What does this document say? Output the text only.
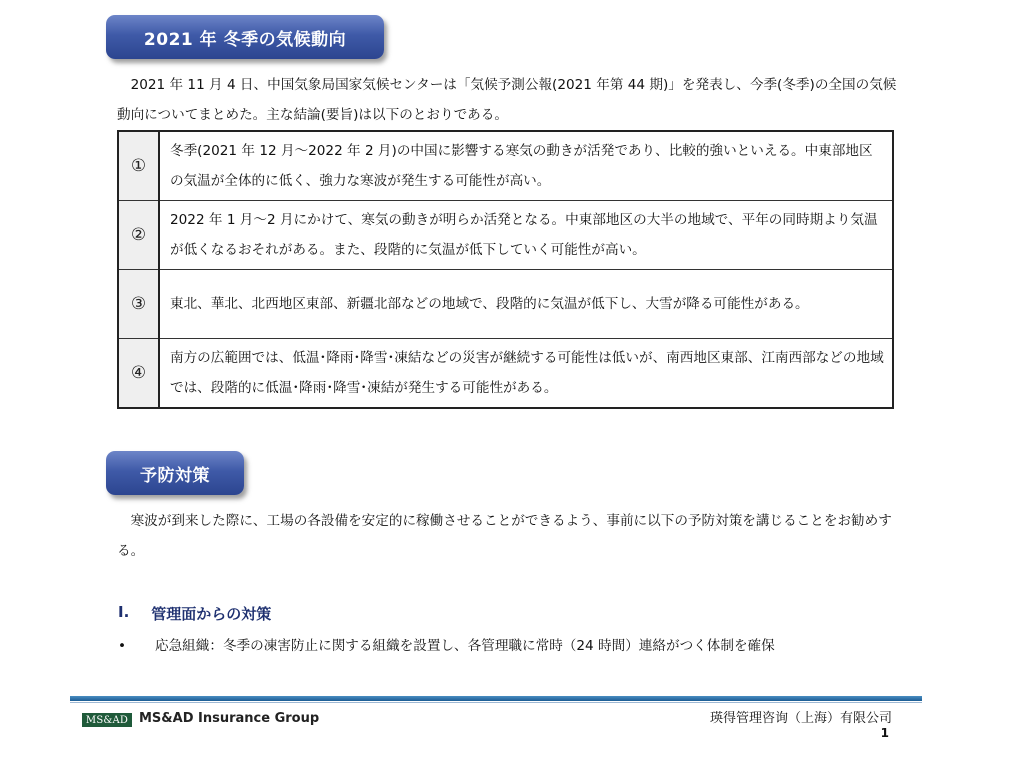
2021 年 冬季の気候動向

　2021 年 11 月 4 日、中国気象局国家気候センターは「気候予測公報(2021 年第 44 期)」を発表し、今季(冬季)の全国の気候動向についてまとめた。主な結論(要旨)は以下のとおりである。

①	冬季(2021 年 12 月～2022 年 2 月)の中国に影響する寒気の動きが活発であり、比較的強いといえる。中東部地区の気温が全体的に低く、強力な寒波が発生する可能性が高い。
②	2022 年 1 月～2 月にかけて、寒気の動きが明らか活発となる。中東部地区の大半の地域で、平年の同時期より気温が低くなるおそれがある。また、段階的に気温が低下していく可能性が高い。
③	東北、華北、北西地区東部、新疆北部などの地域で、段階的に気温が低下し、大雪が降る可能性がある。
④	南方の広範囲では、低温･降雨･降雪･凍結などの災害が継続する可能性は低いが、南西地区東部、江南西部などの地域では、段階的に低温･降雨･降雪･凍結が発生する可能性がある。
予防対策

　寒波が到来した際に、工場の各設備を安定的に稼働させることができるよう、事前に以下の予防対策を講じることをお勧めする。

I. 管理面からの対策
•	応急組織：冬季の凍害防止に関する組織を設置し、各管理職に常時（24 時間）連絡がつく体制を確保
MS&AD MS&AD Insurance Group	瑛得管理咨询（上海）有限公司
1
